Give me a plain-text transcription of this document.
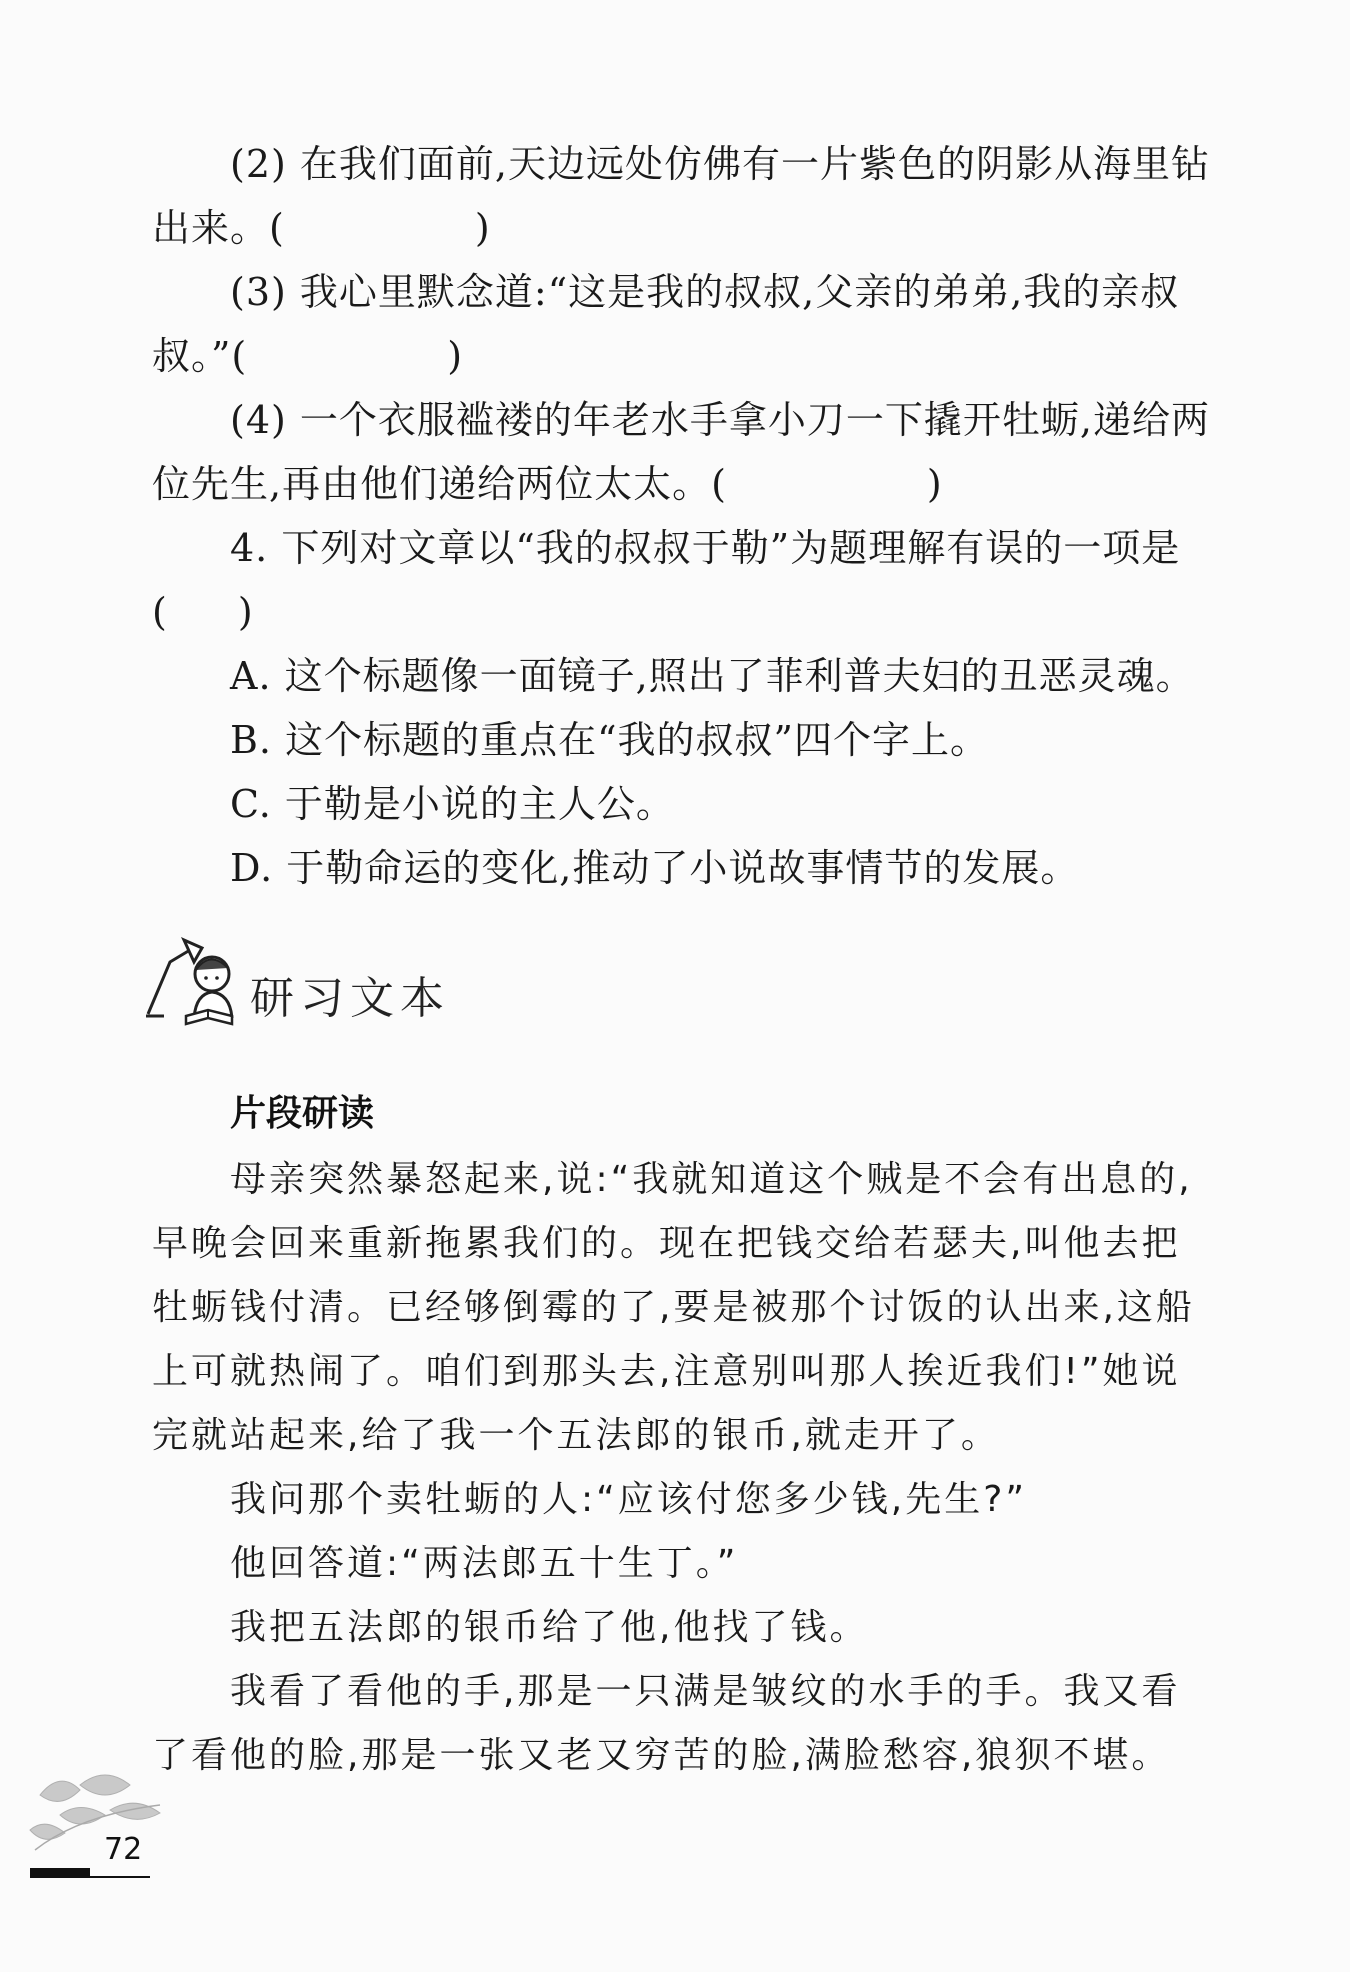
(2) 在我们面前,天边远处仿佛有一片紫色的阴影从海里钻

出来。(	)

(3) 我心里默念道:“这是我的叔叔,父亲的弟弟,我的亲叔

叔。”(	)

(4) 一个衣服褴褛的年老水手拿小刀一下撬开牡蛎,递给两

位先生,再由他们递给两位太太。(	)

4. 下列对文章以“我的叔叔于勒”为题理解有误的一项是

( )

A. 这个标题像一面镜子,照出了菲利普夫妇的丑恶灵魂。

B. 这个标题的重点在“我的叔叔”四个字上。

C. 于勒是小说的主人公。

D. 于勒命运的变化,推动了小说故事情节的发展。

研习文本
片段研读

母亲突然暴怒起来,说:“我就知道这个贼是不会有出息的,

早晚会回来重新拖累我们的。现在把钱交给若瑟夫,叫他去把

牡蛎钱付清。已经够倒霉的了,要是被那个讨饭的认出来,这船

上可就热闹了。咱们到那头去,注意别叫那人挨近我们!”她说

完就站起来,给了我一个五法郎的银币,就走开了。

我问那个卖牡蛎的人:“应该付您多少钱,先生?”

他回答道:“两法郎五十生丁。”

我把五法郎的银币给了他,他找了钱。

我看了看他的手,那是一只满是皱纹的水手的手。我又看

了看他的脸,那是一张又老又穷苦的脸,满脸愁容,狼狈不堪。

72
